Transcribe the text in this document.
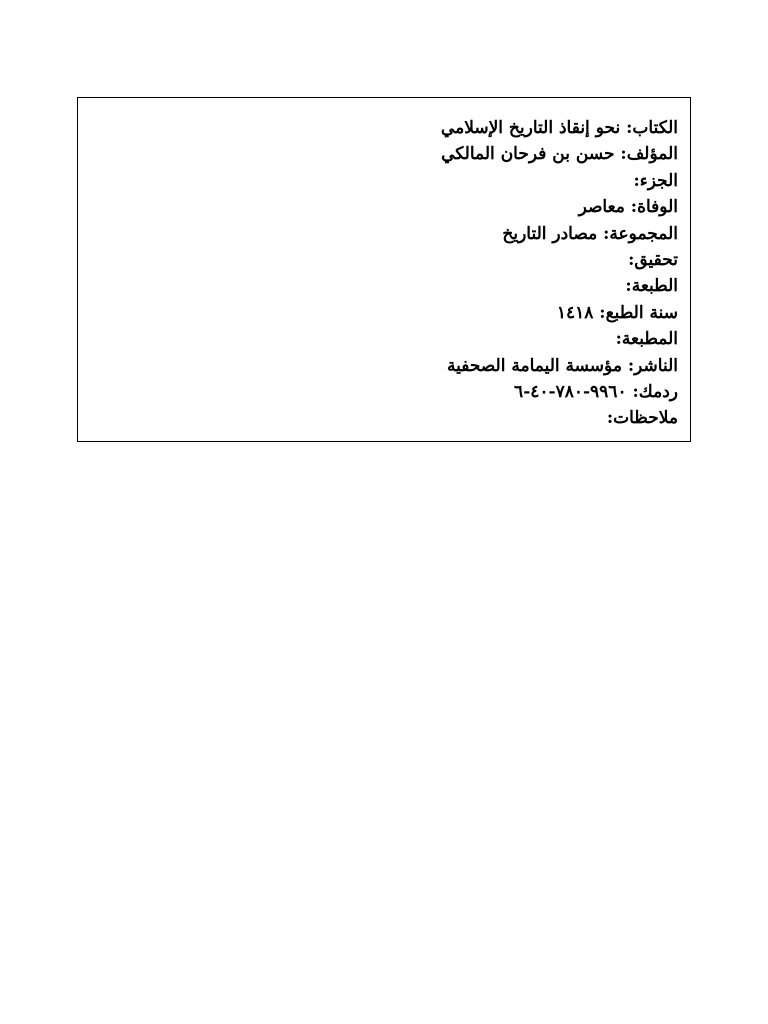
الكتاب: نحو إنقاذ التاريخ الإسلامي
المؤلف: حسن بن فرحان المالكي
الجزء:
الوفاة: معاصر
المجموعة: مصادر التاريخ
تحقيق:
الطبعة:
سنة الطبع: ١٤١٨
المطبعة:
الناشر: مؤسسة اليمامة الصحفية
ردمك: ٩٩٦٠-٧٨٠-٤٠-٦
ملاحظات:
